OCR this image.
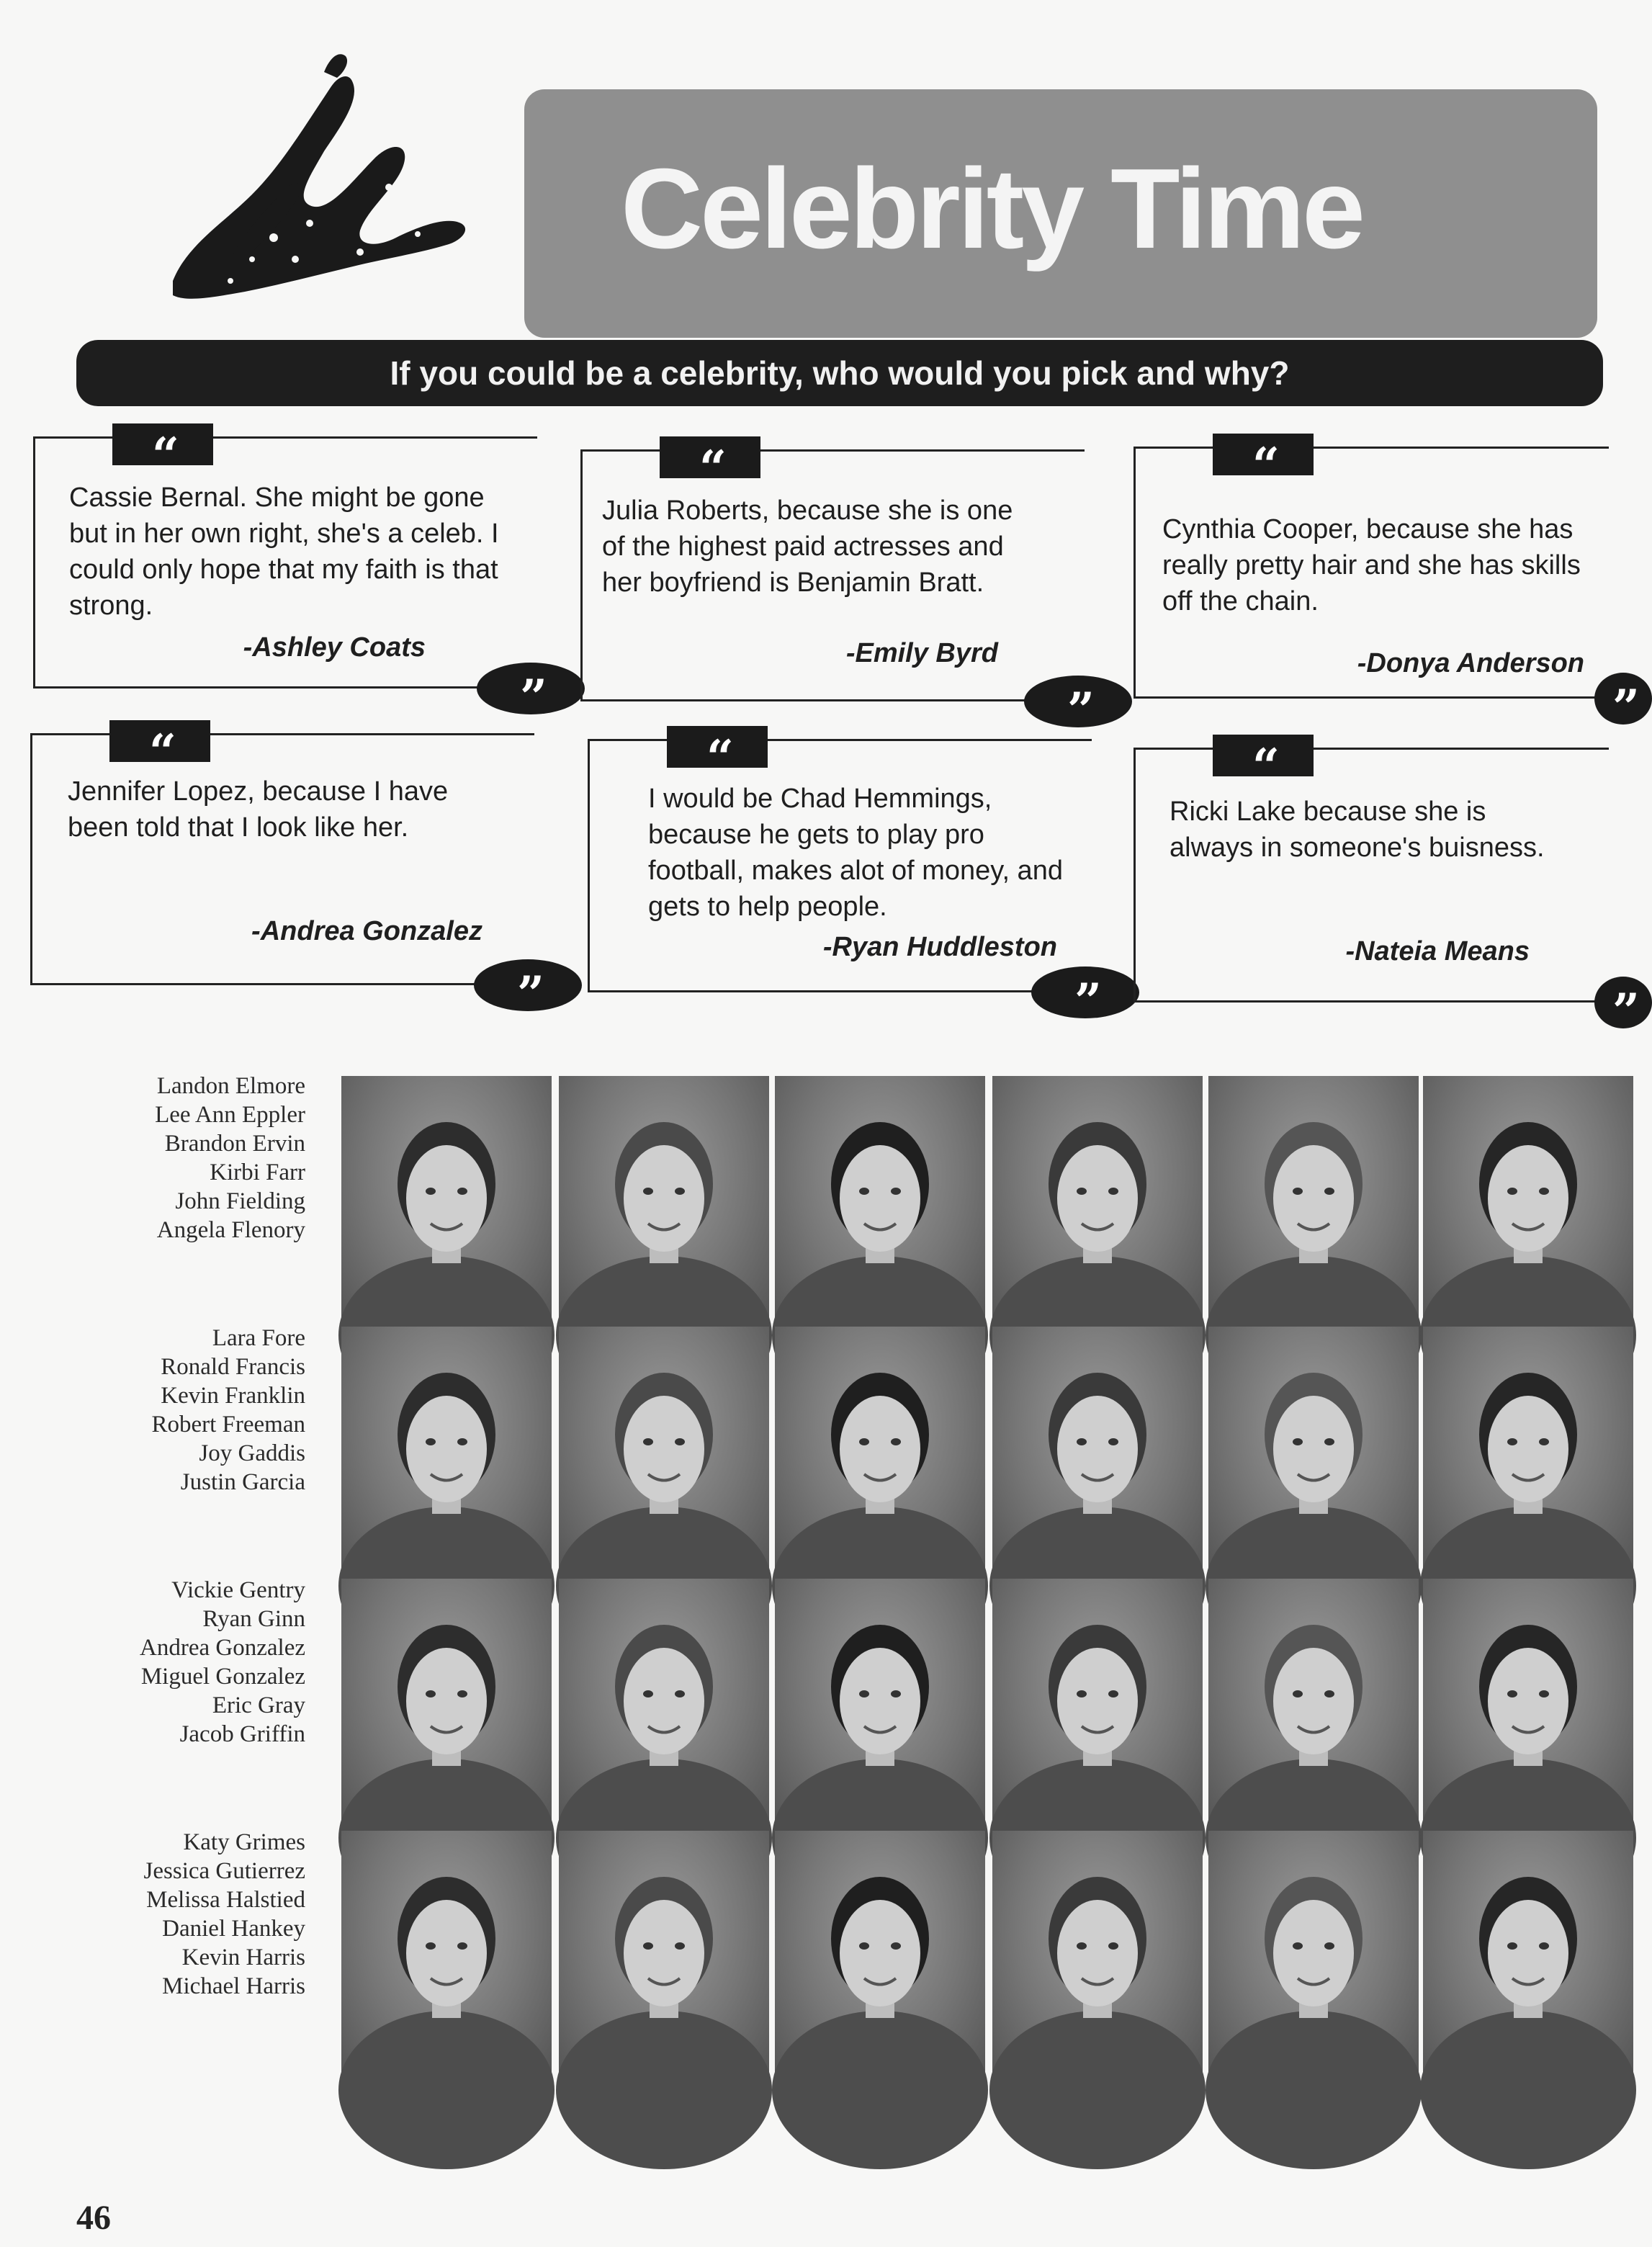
Celebrity Time
If you could be a celebrity, who would you pick and why?
“
Cassie Bernal. She might be gone but in her own right, she's a celeb. I could only hope that my faith is that strong.
-Ashley Coats
”
“
Julia Roberts, because she is one of the highest paid actresses and her boyfriend is Benjamin Bratt.
-Emily Byrd
”
“
Cynthia Cooper, because she has really pretty hair and she has skills off the chain.
-Donya Anderson
”
“
Jennifer Lopez, because I have been told that I look like her.
-Andrea Gonzalez
”
“
I would be Chad Hemmings, because he gets to play pro football, makes alot of money, and gets to help people.
-Ryan Huddleston
”
“
Ricki Lake because she is always in someone's buisness.
-Nateia Means
”
Landon Elmore
Lee Ann Eppler
Brandon Ervin
Kirbi Farr
John Fielding
Angela Flenory
Lara Fore
Ronald Francis
Kevin Franklin
Robert Freeman
Joy Gaddis
Justin Garcia
Vickie Gentry
Ryan Ginn
Andrea Gonzalez
Miguel Gonzalez
Eric Gray
Jacob Griffin
Katy Grimes
Jessica Gutierrez
Melissa Halstied
Daniel Hankey
Kevin Harris
Michael Harris
46
